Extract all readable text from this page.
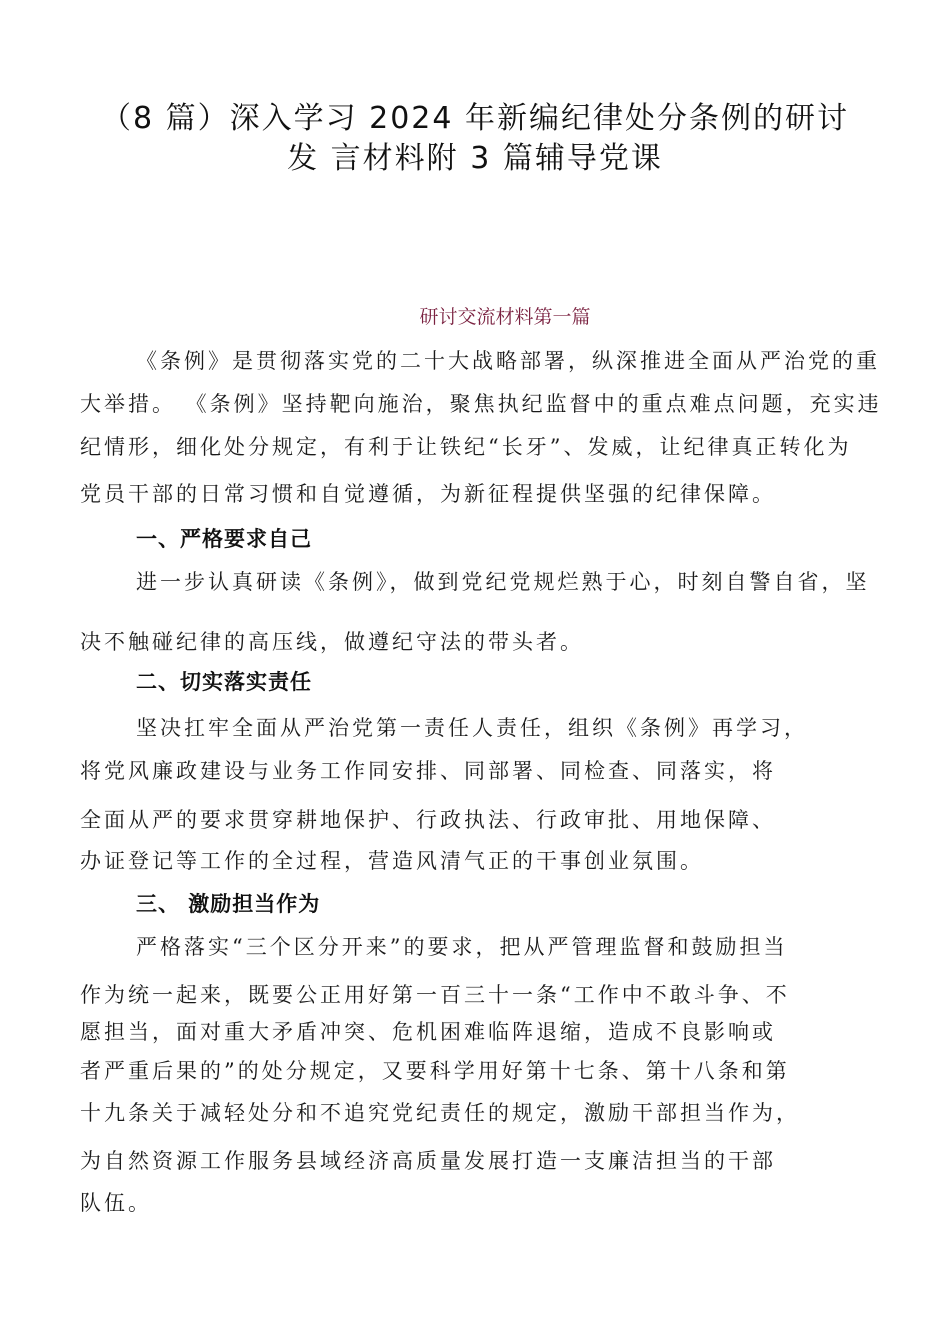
（8 篇）深入学习 2024 年新编纪律处分条例的研讨
发 言材料附 3 篇辅导党课
研讨交流材料第一篇
《条例》是贯彻落实党的二十大战略部署，纵深推进全面从严治党的重
大举措。 《条例》坚持靶向施治，聚焦执纪监督中的重点难点问题，充实违
纪情形，细化处分规定，有利于让铁纪“长牙”、发威，让纪律真正转化为
党员干部的日常习惯和自觉遵循，为新征程提供坚强的纪律保障。
一、严格要求自己
进一步认真研读《条例》，做到党纪党规烂熟于心，时刻自警自省，坚
决不触碰纪律的高压线，做遵纪守法的带头者。
二、切实落实责任
坚决扛牢全面从严治党第一责任人责任，组织《条例》再学习，
将党风廉政建设与业务工作同安排、同部署、同检查、同落实，将
全面从严的要求贯穿耕地保护、行政执法、行政审批、用地保障、
办证登记等工作的全过程，营造风清气正的干事创业氛围。
三、 激励担当作为
严格落实“三个区分开来”的要求，把从严管理监督和鼓励担当
作为统一起来，既要公正用好第一百三十一条“工作中不敢斗争、不
愿担当，面对重大矛盾冲突、危机困难临阵退缩，造成不良影响或
者严重后果的”的处分规定，又要科学用好第十七条、第十八条和第
十九条关于减轻处分和不追究党纪责任的规定，激励干部担当作为，
为自然资源工作服务县域经济高质量发展打造一支廉洁担当的干部
队伍。
